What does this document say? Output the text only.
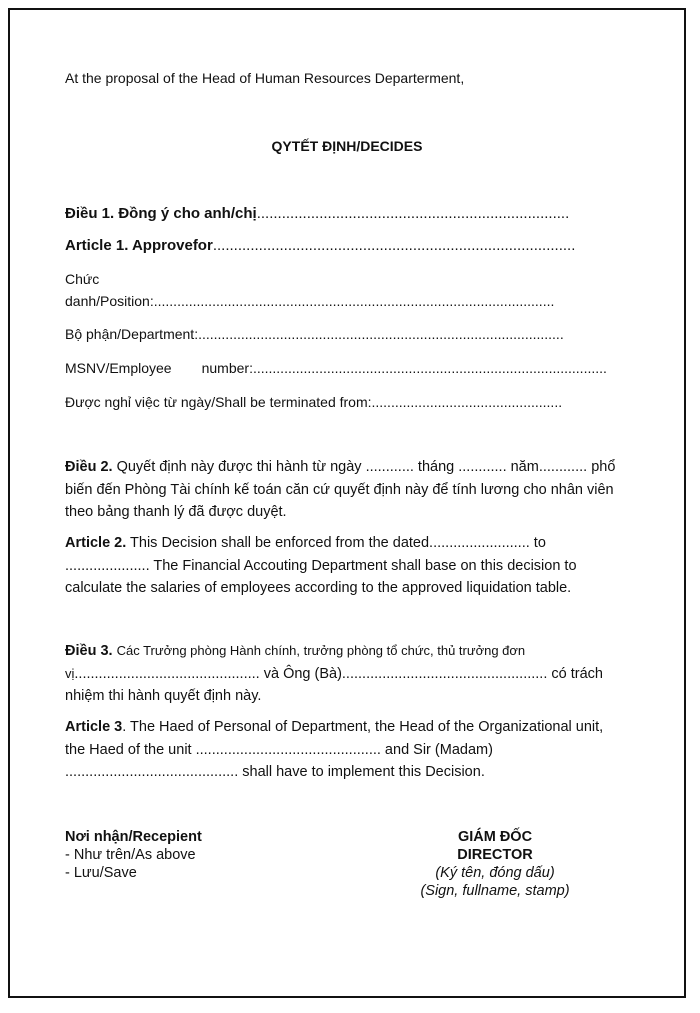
At the proposal of the Head of Human Resources Departerment,
QYTẾT ĐỊNH/DECIDES
Điều 1. Đồng ý cho anh/chị...........................................................................
Article 1. Approvefor.......................................................................................
Chức
danh/Position:.......................................................................................................
Bộ phận/Department:..............................................................................................
MSNV/Employee number:...........................................................................................
Được nghỉ việc từ ngày/Shall be terminated from:.................................................
Điều 2. Quyết định này được thi hành từ ngày ............ tháng ............ năm............ phổ biến đến Phòng Tài chính kế toán căn cứ quyết định này để tính lương cho nhân viên theo bảng thanh lý đã được duyệt.
Article 2. This Decision shall be enforced from the dated......................... to ..................... The Financial Accouting Department shall base on this decision to calculate the salaries of employees according to the approved liquidation table.
Điều 3. Các Trưởng phòng Hành chính, trưởng phòng tổ chức, thủ trưởng đơn vị.............................................. và Ông (Bà)................................................... có trách nhiệm thi hành quyết định này.
Article 3. The Haed of Personal of Department, the Head of the Organizational unit, the Haed of the unit .............................................. and Sir (Madam) ........................................... shall have to implement this Decision.
Nơi nhận/Recepient
- Như trên/As above
- Lưu/Save
GIÁM ĐỐC
DIRECTOR
(Ký tên, đóng dấu)
(Sign, fullname, stamp)
